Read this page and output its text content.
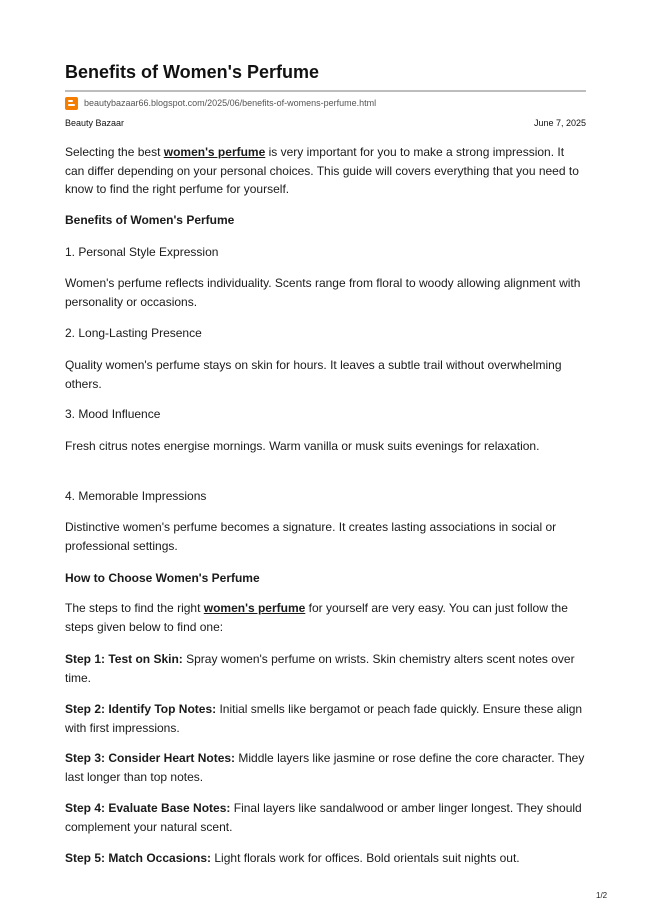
Benefits of Women's Perfume
beautybazaar66.blogspot.com/2025/06/benefits-of-womens-perfume.html
Beauty Bazaar	June 7, 2025

Selecting the best women's perfume is very important for you to make a strong impression. It can differ depending on your personal choices. This guide will covers everything that you need to know to find the right perfume for yourself.

Benefits of Women's Perfume

1. Personal Style Expression

Women's perfume reflects individuality. Scents range from floral to woody allowing alignment with personality or occasions.

2. Long-Lasting Presence

Quality women's perfume stays on skin for hours. It leaves a subtle trail without overwhelming others.

3. Mood Influence

Fresh citrus notes energise mornings. Warm vanilla or musk suits evenings for relaxation.

4. Memorable Impressions

Distinctive women's perfume becomes a signature. It creates lasting associations in social or professional settings.

How to Choose Women's Perfume

The steps to find the right women's perfume for yourself are very easy. You can just follow the steps given below to find one:

Step 1: Test on Skin: Spray women's perfume on wrists. Skin chemistry alters scent notes over time.

Step 2: Identify Top Notes: Initial smells like bergamot or peach fade quickly. Ensure these align with first impressions.

Step 3: Consider Heart Notes: Middle layers like jasmine or rose define the core character. They last longer than top notes.

Step 4: Evaluate Base Notes: Final layers like sandalwood or amber linger longest. They should complement your natural scent.

Step 5: Match Occasions: Light florals work for offices. Bold orientals suit nights out.

1/2
